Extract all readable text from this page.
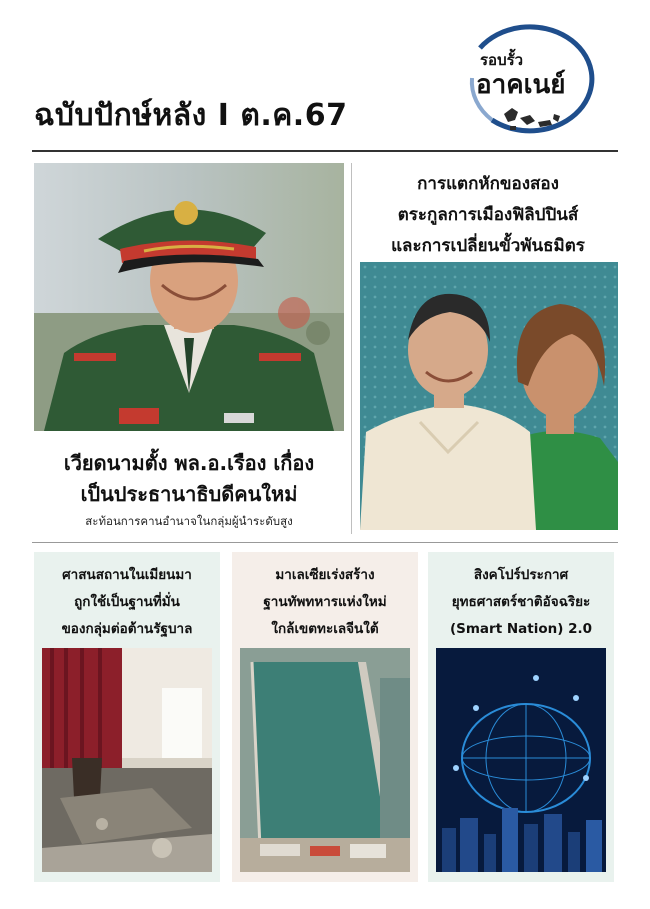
ฉบับปักษ์หลัง I ต.ค.67
รอบรั้ว
อาคเนย์
เวียดนามตั้ง พล.อ.เรือง เกื่อง
เป็นประธานาธิบดีคนใหม่
สะท้อนการคานอำนาจในกลุ่มผู้นำระดับสูง
การแตกหักของสอง
ตระกูลการเมืองฟิลิปปินส์
และการเปลี่ยนขั้วพันธมิตร
ศาสนสถานในเมียนมา
ถูกใช้เป็นฐานที่มั่น
ของกลุ่มต่อต้านรัฐบาล
มาเลเซียเร่งสร้าง
ฐานทัพทหารแห่งใหม่
ใกล้เขตทะเลจีนใต้
สิงคโปร์ประกาศ
ยุทธศาสตร์ชาติอัจฉริยะ
(Smart Nation) 2.0
